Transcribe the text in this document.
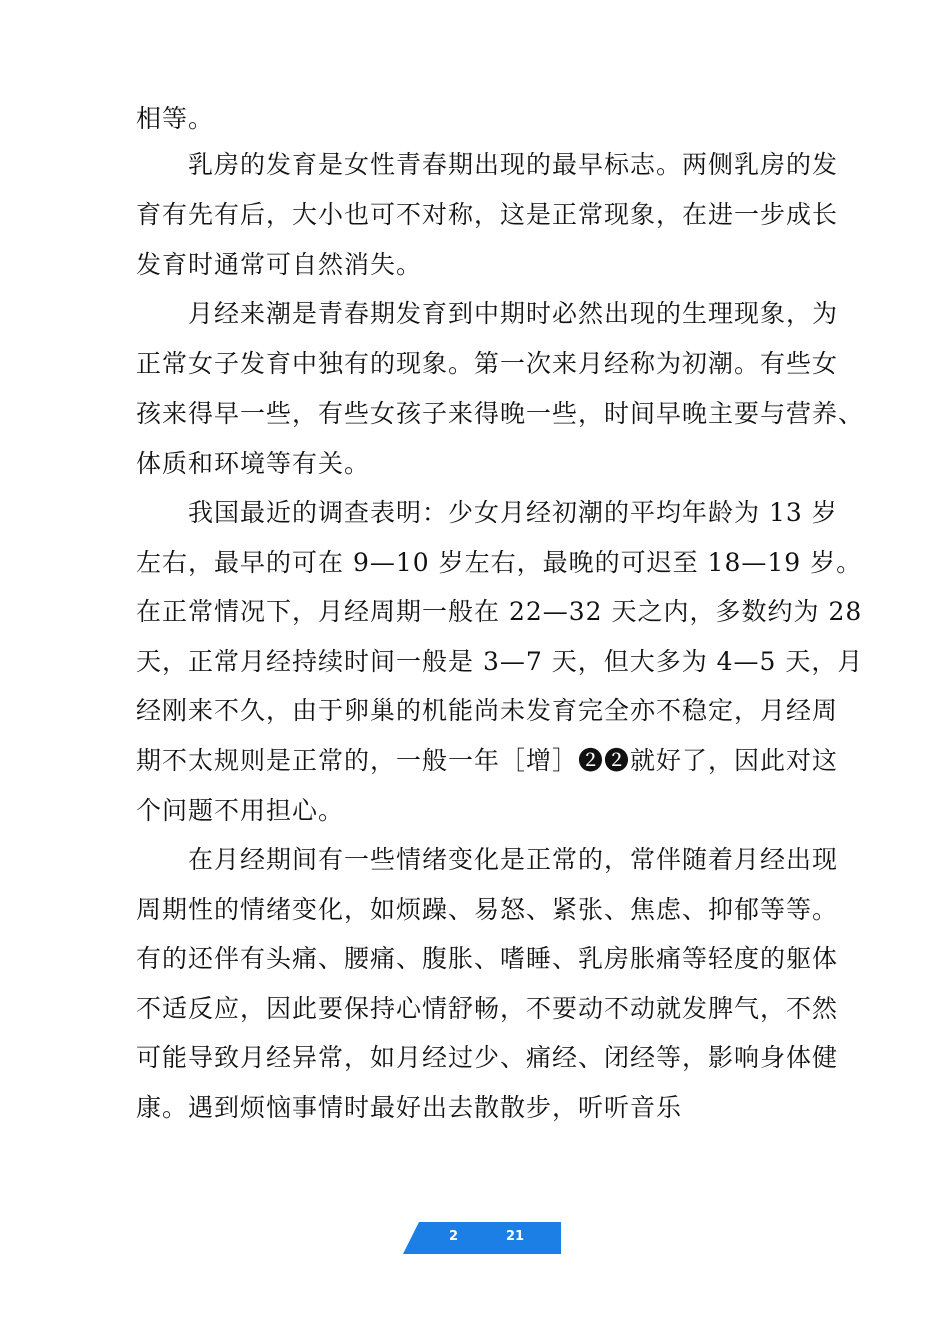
相等。
乳房的发育是女性青春期出现的最早标志。两侧乳房的发
育有先有后，大小也可不对称，这是正常现象，在进一步成长
发育时通常可自然消失。
月经来潮是青春期发育到中期时必然出现的生理现象，为
正常女子发育中独有的现象。第一次来月经称为初潮。有些女
孩来得早一些，有些女孩子来得晚一些，时间早晚主要与营养、
体质和环境等有关。
我国最近的调查表明：少女月经初潮的平均年龄为 13 岁
左右，最早的可在 9—10 岁左右，最晚的可迟至 18—19 岁。
在正常情况下，月经周期一般在 22—32 天之内，多数约为 28
天，正常月经持续时间一般是 3—7 天，但大多为 4—5 天，月
经刚来不久，由于卵巢的机能尚未发育完全亦不稳定，月经周
期不太规则是正常的，一般一年［增］❷❷就好了，因此对这
个问题不用担心。
在月经期间有一些情绪变化是正常的，常伴随着月经出现
周期性的情绪变化，如烦躁、易怒、紧张、焦虑、抑郁等等。
有的还伴有头痛、腰痛、腹胀、嗜睡、乳房胀痛等轻度的躯体
不适反应，因此要保持心情舒畅，不要动不动就发脾气，不然
可能导致月经异常，如月经过少、痛经、闭经等，影响身体健
康。遇到烦恼事情时最好出去散散步，听听音乐
2	21
